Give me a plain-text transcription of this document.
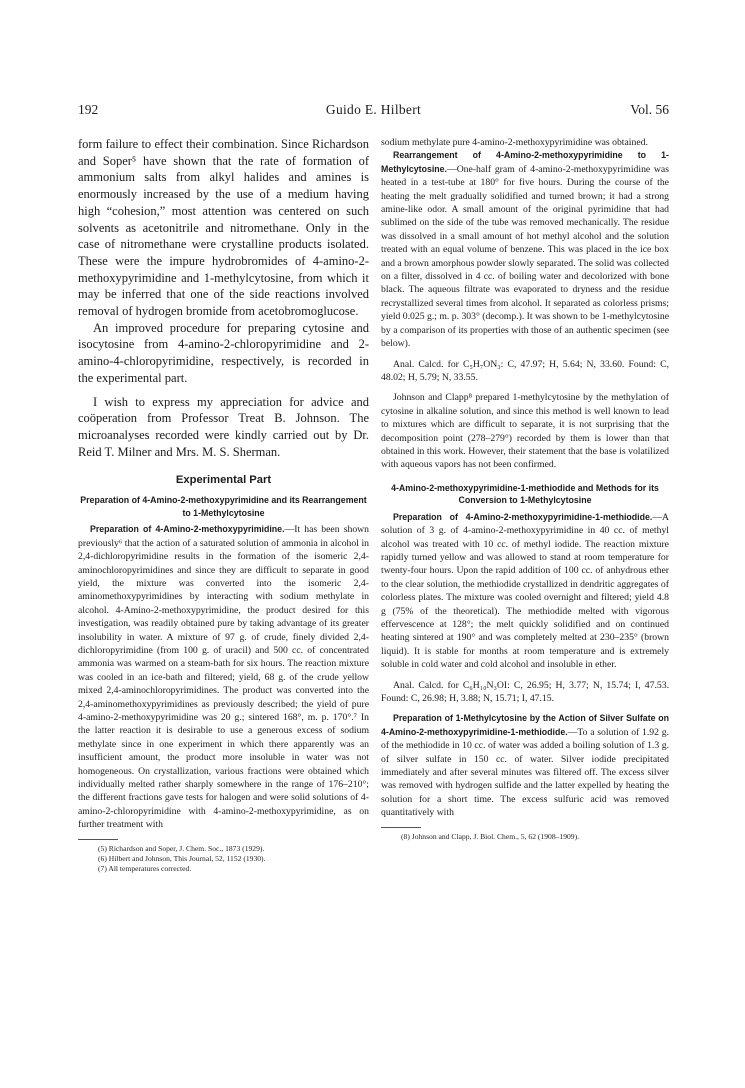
192	Guido E. Hilbert	Vol. 56

form failure to effect their combination. Since Richardson and Soper⁵ have shown that the rate of formation of ammonium salts from alkyl halides and amines is enormously increased by the use of a medium having high “cohesion,” most attention was centered on such solvents as acetonitrile and nitromethane. Only in the case of nitromethane were crystalline products isolated. These were the impure hydrobromides of 4-amino-2-methoxypyrimidine and 1-methylcytosine, from which it may be inferred that one of the side reactions involved removal of hydrogen bromide from acetobromoglucose.

An improved procedure for preparing cytosine and isocytosine from 4-amino-2-chloropyrimidine and 2-amino-4-chloropyrimidine, respectively, is recorded in the experimental part.

I wish to express my appreciation for advice and coöperation from Professor Treat B. Johnson. The microanalyses recorded were kindly carried out by Dr. Reid T. Milner and Mrs. M. S. Sherman.

Experimental Part
Preparation of 4-Amino-2-methoxypyrimidine and its Rearrangement to 1-Methylcytosine

Preparation of 4-Amino-2-methoxypyrimidine.—It has been shown previously⁶ that the action of a saturated solution of ammonia in alcohol in 2,4-dichloropyrimidine results in the formation of the isomeric 2,4-aminochloropyrimidines and since they are difficult to separate in good yield, the mixture was converted into the isomeric 2,4-aminomethoxypyrimidines by interacting with sodium methylate in alcohol. 4-Amino-2-methoxypyrimidine, the product desired for this investigation, was readily obtained pure by taking advantage of its greater insolubility in water. A mixture of 97 g. of crude, finely divided 2,4-dichloropyrimidine (from 100 g. of uracil) and 500 cc. of concentrated ammonia was warmed on a steam-bath for six hours. The reaction mixture was cooled in an ice-bath and filtered; yield, 68 g. of the crude yellow mixed 2,4-aminochloropyrimidines. The product was converted into the 2,4-aminomethoxypyrimidines as previously described; the yield of pure 4-amino-2-methoxypyrimidine was 20 g.; sintered 168°, m. p. 170°.⁷ In the latter reaction it is desirable to use a generous excess of sodium methylate since in one experiment in which there apparently was an insufficient amount, the product more insoluble in water was not homogeneous. On crystallization, various fractions were obtained which individually melted rather sharply somewhere in the range of 176–210°; the different fractions gave tests for halogen and were solid solutions of 4-amino-2-chloropyrimidine with 4-amino-2-methoxypyrimidine, as on further treatment with

(5) Richardson and Soper, J. Chem. Soc., 1873 (1929).
(6) Hilbert and Johnson, This Journal, 52, 1152 (1930).
(7) All temperatures corrected.

sodium methylate pure 4-amino-2-methoxypyrimidine was obtained.

Rearrangement of 4-Amino-2-methoxypyrimidine to 1-Methylcytosine.—One-half gram of 4-amino-2-methoxypyrimidine was heated in a test-tube at 180° for five hours. During the course of the heating the melt gradually solidified and turned brown; it had a strong amine-like odor. A small amount of the original pyrimidine that had sublimed on the side of the tube was removed mechanically. The residue was dissolved in a small amount of hot methyl alcohol and the solution treated with an equal volume of benzene. This was placed in the ice box and a brown amorphous powder slowly separated. The solid was collected on a filter, dissolved in 4 cc. of boiling water and decolorized with bone black. The aqueous filtrate was evaporated to dryness and the residue recrystallized several times from alcohol. It separated as colorless prisms; yield 0.025 g.; m. p. 303° (decomp.). It was shown to be 1-methylcytosine by a comparison of its properties with those of an authentic specimen (see below).

Anal. Calcd. for C₅H₇ON₃: C, 47.97; H, 5.64; N, 33.60. Found: C, 48.02; H, 5.79; N, 33.55.

Johnson and Clapp⁸ prepared 1-methylcytosine by the methylation of cytosine in alkaline solution, and since this method is well known to lead to mixtures which are difficult to separate, it is not surprising that the decomposition point (278–279°) recorded by them is lower than that obtained in this work. However, their statement that the base is volatilized with aqueous vapors has not been confirmed.

4-Amino-2-methoxypyrimidine-1-methiodide and Methods for its Conversion to 1-Methylcytosine

Preparation of 4-Amino-2-methoxypyrimidine-1-methiodide.—A solution of 3 g. of 4-amino-2-methoxypyrimidine in 40 cc. of methyl alcohol was treated with 10 cc. of methyl iodide. The reaction mixture rapidly turned yellow and was allowed to stand at room temperature for twenty-four hours. Upon the rapid addition of 100 cc. of anhydrous ether to the clear solution, the methiodide crystallized in dendritic aggregates of colorless plates. The mixture was cooled overnight and filtered; yield 4.8 g (75% of the theoretical). The methiodide melted with vigorous effervescence at 128°; the melt quickly solidified and on continued heating sintered at 190° and was completely melted at 230–235° (brown liquid). It is stable for months at room temperature and is extremely soluble in cold water and cold alcohol and insoluble in ether.

Anal. Calcd. for C₆H₁₀N₃OI: C, 26.95; H, 3.77; N, 15.74; I, 47.53. Found: C, 26.98; H, 3.88; N, 15.71; I, 47.15.

Preparation of 1-Methylcytosine by the Action of Silver Sulfate on 4-Amino-2-methoxypyrimidine-1-methiodide.—To a solution of 1.92 g. of the methiodide in 10 cc. of water was added a boiling solution of 1.3 g. of silver sulfate in 150 cc. of water. Silver iodide precipitated immediately and after several minutes was filtered off. The excess silver was removed with hydrogen sulfide and the latter expelled by heating the solution for a short time. The excess sulfuric acid was removed quantitatively with

(8) Johnson and Clapp, J. Biol. Chem., 5, 62 (1908–1909).
